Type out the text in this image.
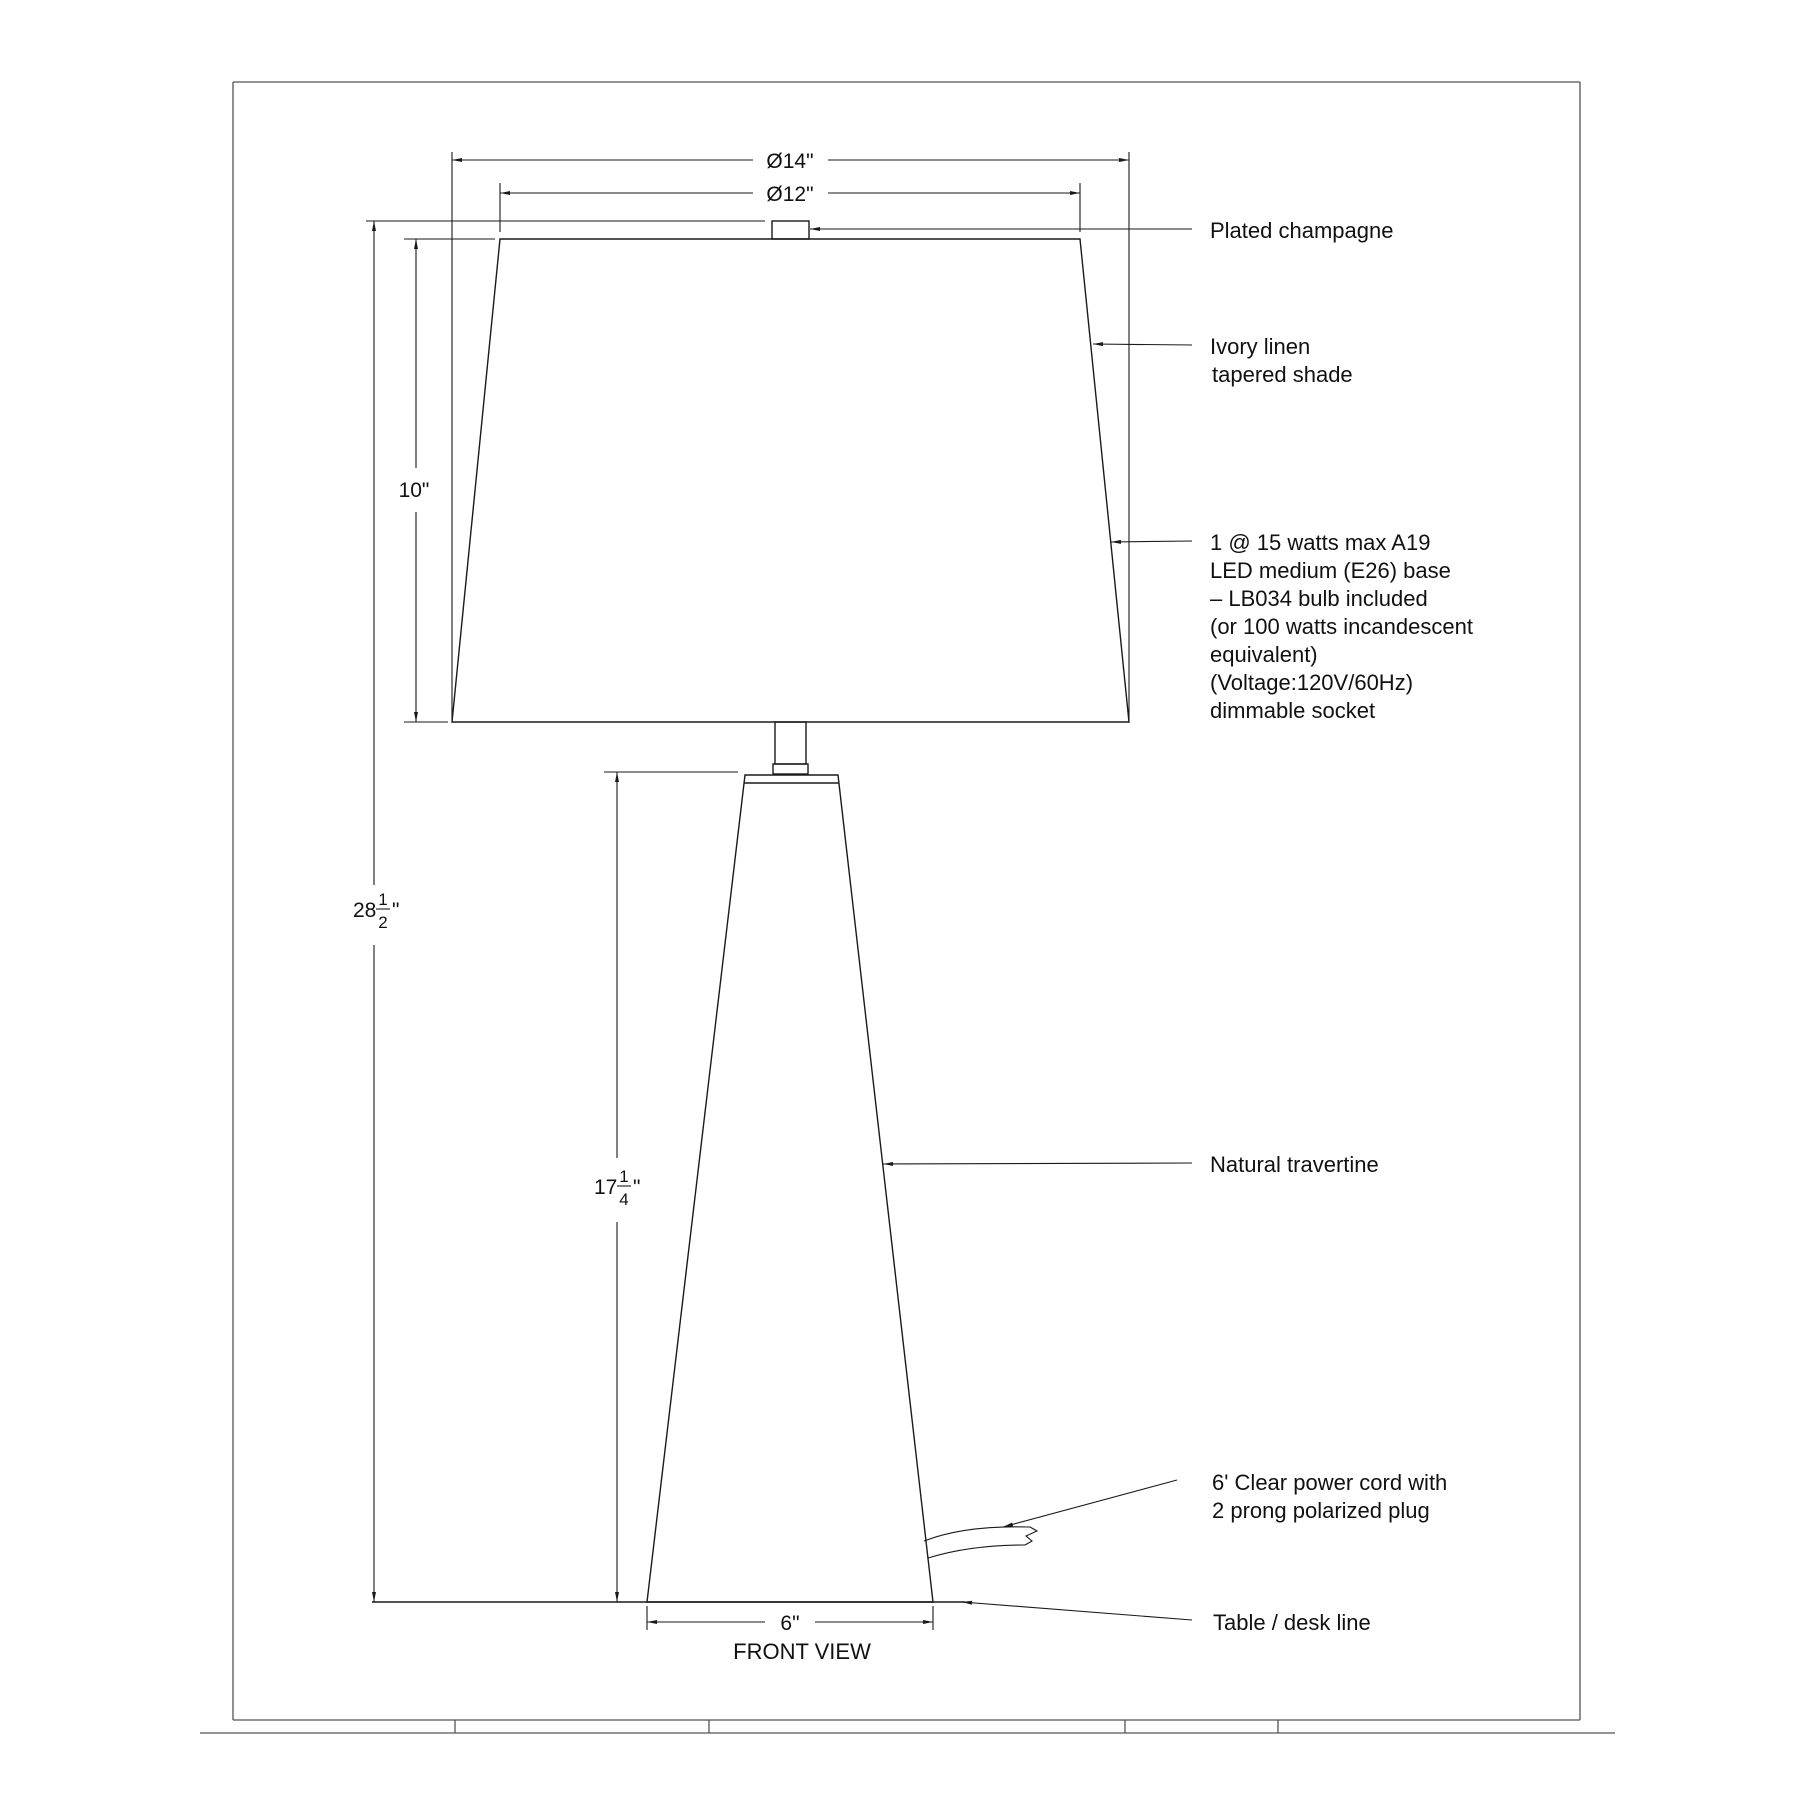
Ø14"
Ø12"
10"
28 1
2
"
17 1
4
"
6"
FRONT VIEW
Plated champagne
Ivory linen
tapered shade
1 @ 15 watts max A19
LED medium (E26) base
– LB034 bulb included
(or 100 watts incandescent
equivalent)
(Voltage:120V/60Hz)
dimmable socket
Natural travertine
6' Clear power cord with
2 prong polarized plug
Table / desk line
